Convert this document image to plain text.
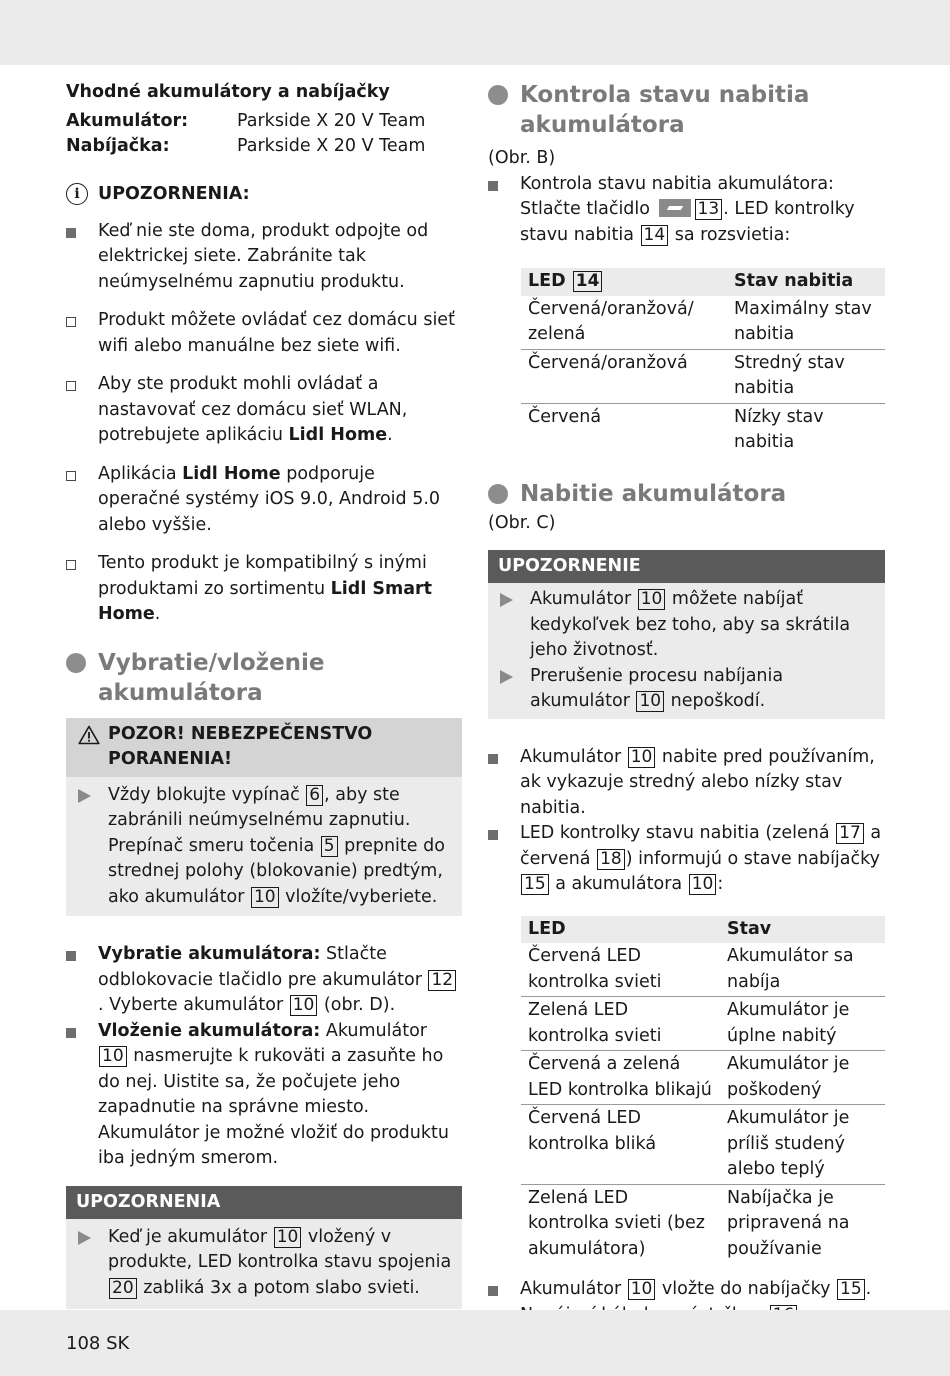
Vhodné akumulátory a nabíjačky
Akumulátor:	Parkside X 20 V Team
Nabíjačka:	Parkside X 20 V Team
i	UPOZORNENIA:
Keď nie ste doma, produkt odpojte od elektrickej siete. Zabránite tak neúmyselnému zapnutiu produktu.
Produkt môžete ovládať cez domácu sieť wifi alebo manuálne bez siete wifi.
Aby ste produkt mohli ovládať a nastavovať cez domácu sieť WLAN, potrebujete aplikáciu Lidl Home.
Aplikácia Lidl Home podporuje operačné systémy iOS 9.0, Android 5.0 alebo vyššie.
Tento produkt je kompatibilný s inými produktami zo sortimentu Lidl Smart Home.
Vybratie/vloženie akumulátora
POZOR! NEBEZPEČENSTVO PORANENIA!
Vždy blokujte vypínač 6 , aby ste zabránili neúmyselnému zapnutiu. Prepínač smeru točenia 5 prepnite do strednej polohy (blokovanie) predtým, ako akumulátor 10 vložíte/vyberiete.
Vybratie akumulátora: Stlačte odblokovacie tlačidlo pre akumulátor 12. Vyberte akumulátor 10 (obr. D).
Vloženie akumulátora: Akumulátor 10 nasmerujte k rukoväti a zasuňte ho do nej. Uistite sa, že počujete jeho zapadnutie na správne miesto.
Akumulátor je možné vložiť do produktu iba jedným smerom.
UPOZORNENIA
Keď je akumulátor 10 vložený v produkte, LED kontrolka stavu spojenia 20 zabliká 3x a potom slabo svieti.
Kontrola stavu nabitia akumulátora
(Obr. B)
Kontrola stavu nabitia akumulátora: Stlačte tlačidlo 13 . LED kontrolky stavu nabitia 14 sa rozsvietia:
LED 14	Stav nabitia
Červená/oranžová/ zelená	Maximálny stav nabitia
Červená/oranžová	Stredný stav nabitia
Červená	Nízky stav nabitia
Nabitie akumulátora
(Obr. C)
UPOZORNENIE
Akumulátor 10 môžete nabíjať kedykoľvek bez toho, aby sa skrátila jeho životnosť.
Prerušenie procesu nabíjania akumulátor 10 nepoškodí.
Akumulátor 10 nabite pred používaním, ak vykazuje stredný alebo nízky stav nabitia.
LED kontrolky stavu nabitia (zelená 17 a červená 18 ) informujú o stave nabíjačky 15 a akumulátora 10 :
LED	Stav
Červená LED kontrolka svieti	Akumulátor sa nabíja
Zelená LED kontrolka svieti	Akumulátor je úplne nabitý
Červená a zelená LED kontrolka blikajú	Akumulátor je poškodený
Červená LED kontrolka bliká	Akumulátor je príliš studený alebo teplý
Zelená LED kontrolka svieti (bez akumulátora)	Nabíjačka je pripravená na používanie
Akumulátor 10 vložte do nabíjačky 15 .
108 SK
